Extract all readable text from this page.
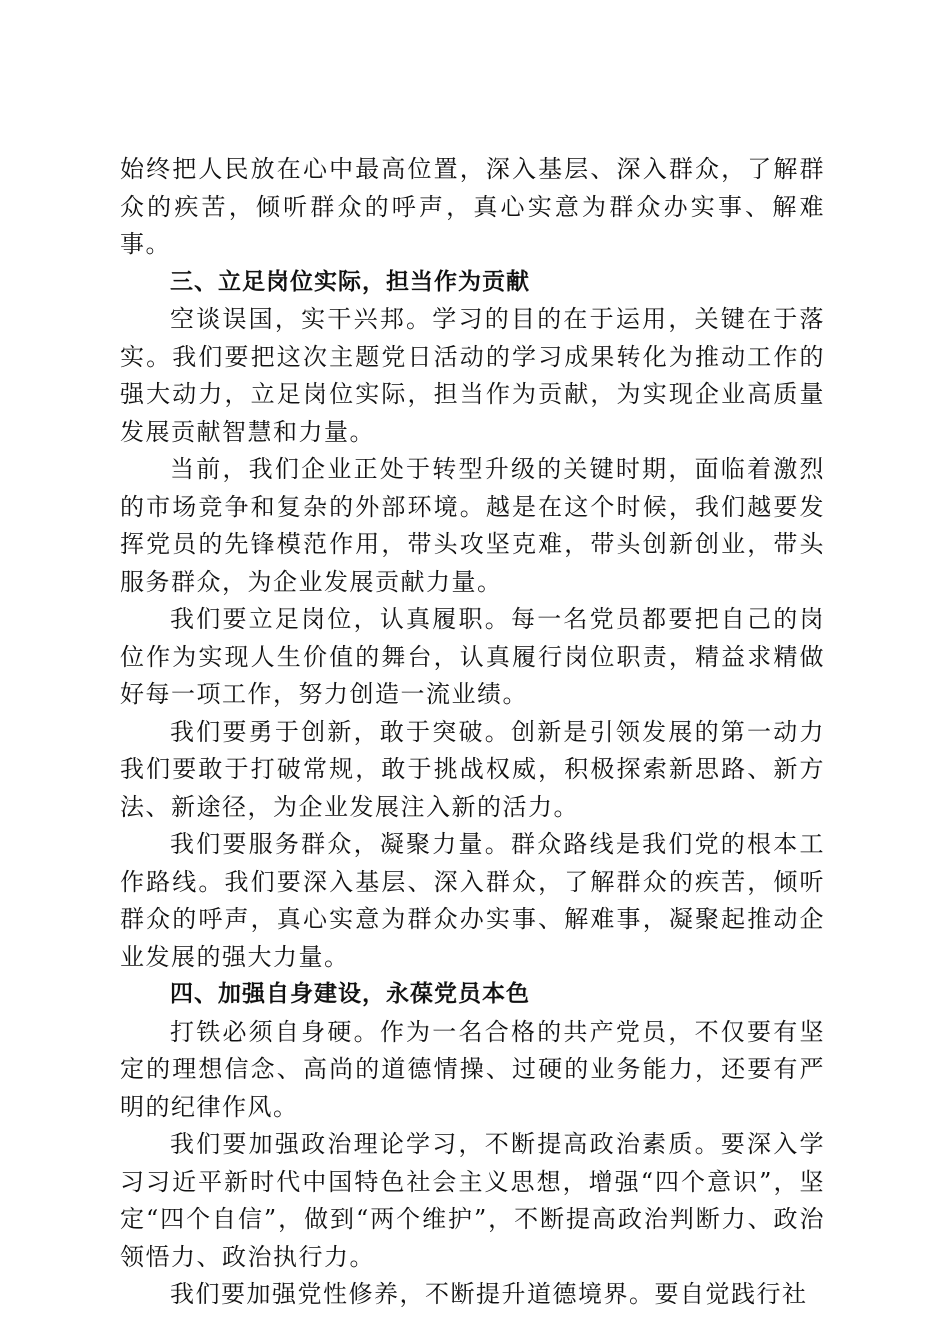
始终把人民放在心中最高位置，深入基层、深入群众，了解群众的疾苦，倾听群众的呼声，真心实意为群众办实事、解难事。

三、立足岗位实际，担当作为贡献

空谈误国，实干兴邦。学习的目的在于运用，关键在于落实。我们要把这次主题党日活动的学习成果转化为推动工作的强大动力，立足岗位实际，担当作为贡献，为实现企业高质量发展贡献智慧和力量。

当前，我们企业正处于转型升级的关键时期，面临着激烈的市场竞争和复杂的外部环境。越是在这个时候，我们越要发挥党员的先锋模范作用，带头攻坚克难，带头创新创业，带头服务群众，为企业发展贡献力量。

我们要立足岗位，认真履职。每一名党员都要把自己的岗位作为实现人生价值的舞台，认真履行岗位职责，精益求精做好每一项工作，努力创造一流业绩。

我们要勇于创新，敢于突破。创新是引领发展的第一动力我们要敢于打破常规，敢于挑战权威，积极探索新思路、新方法、新途径，为企业发展注入新的活力。

我们要服务群众，凝聚力量。群众路线是我们党的根本工作路线。我们要深入基层、深入群众，了解群众的疾苦，倾听群众的呼声，真心实意为群众办实事、解难事，凝聚起推动企业发展的强大力量。

四、加强自身建设，永葆党员本色

打铁必须自身硬。作为一名合格的共产党员，不仅要有坚定的理想信念、高尚的道德情操、过硬的业务能力，还要有严明的纪律作风。

我们要加强政治理论学习，不断提高政治素质。要深入学习习近平新时代中国特色社会主义思想，增强“四个意识”，坚定“四个自信”，做到“两个维护”，不断提高政治判断力、政治领悟力、政治执行力。

我们要加强党性修养，不断提升道德境界。要自觉践行社
